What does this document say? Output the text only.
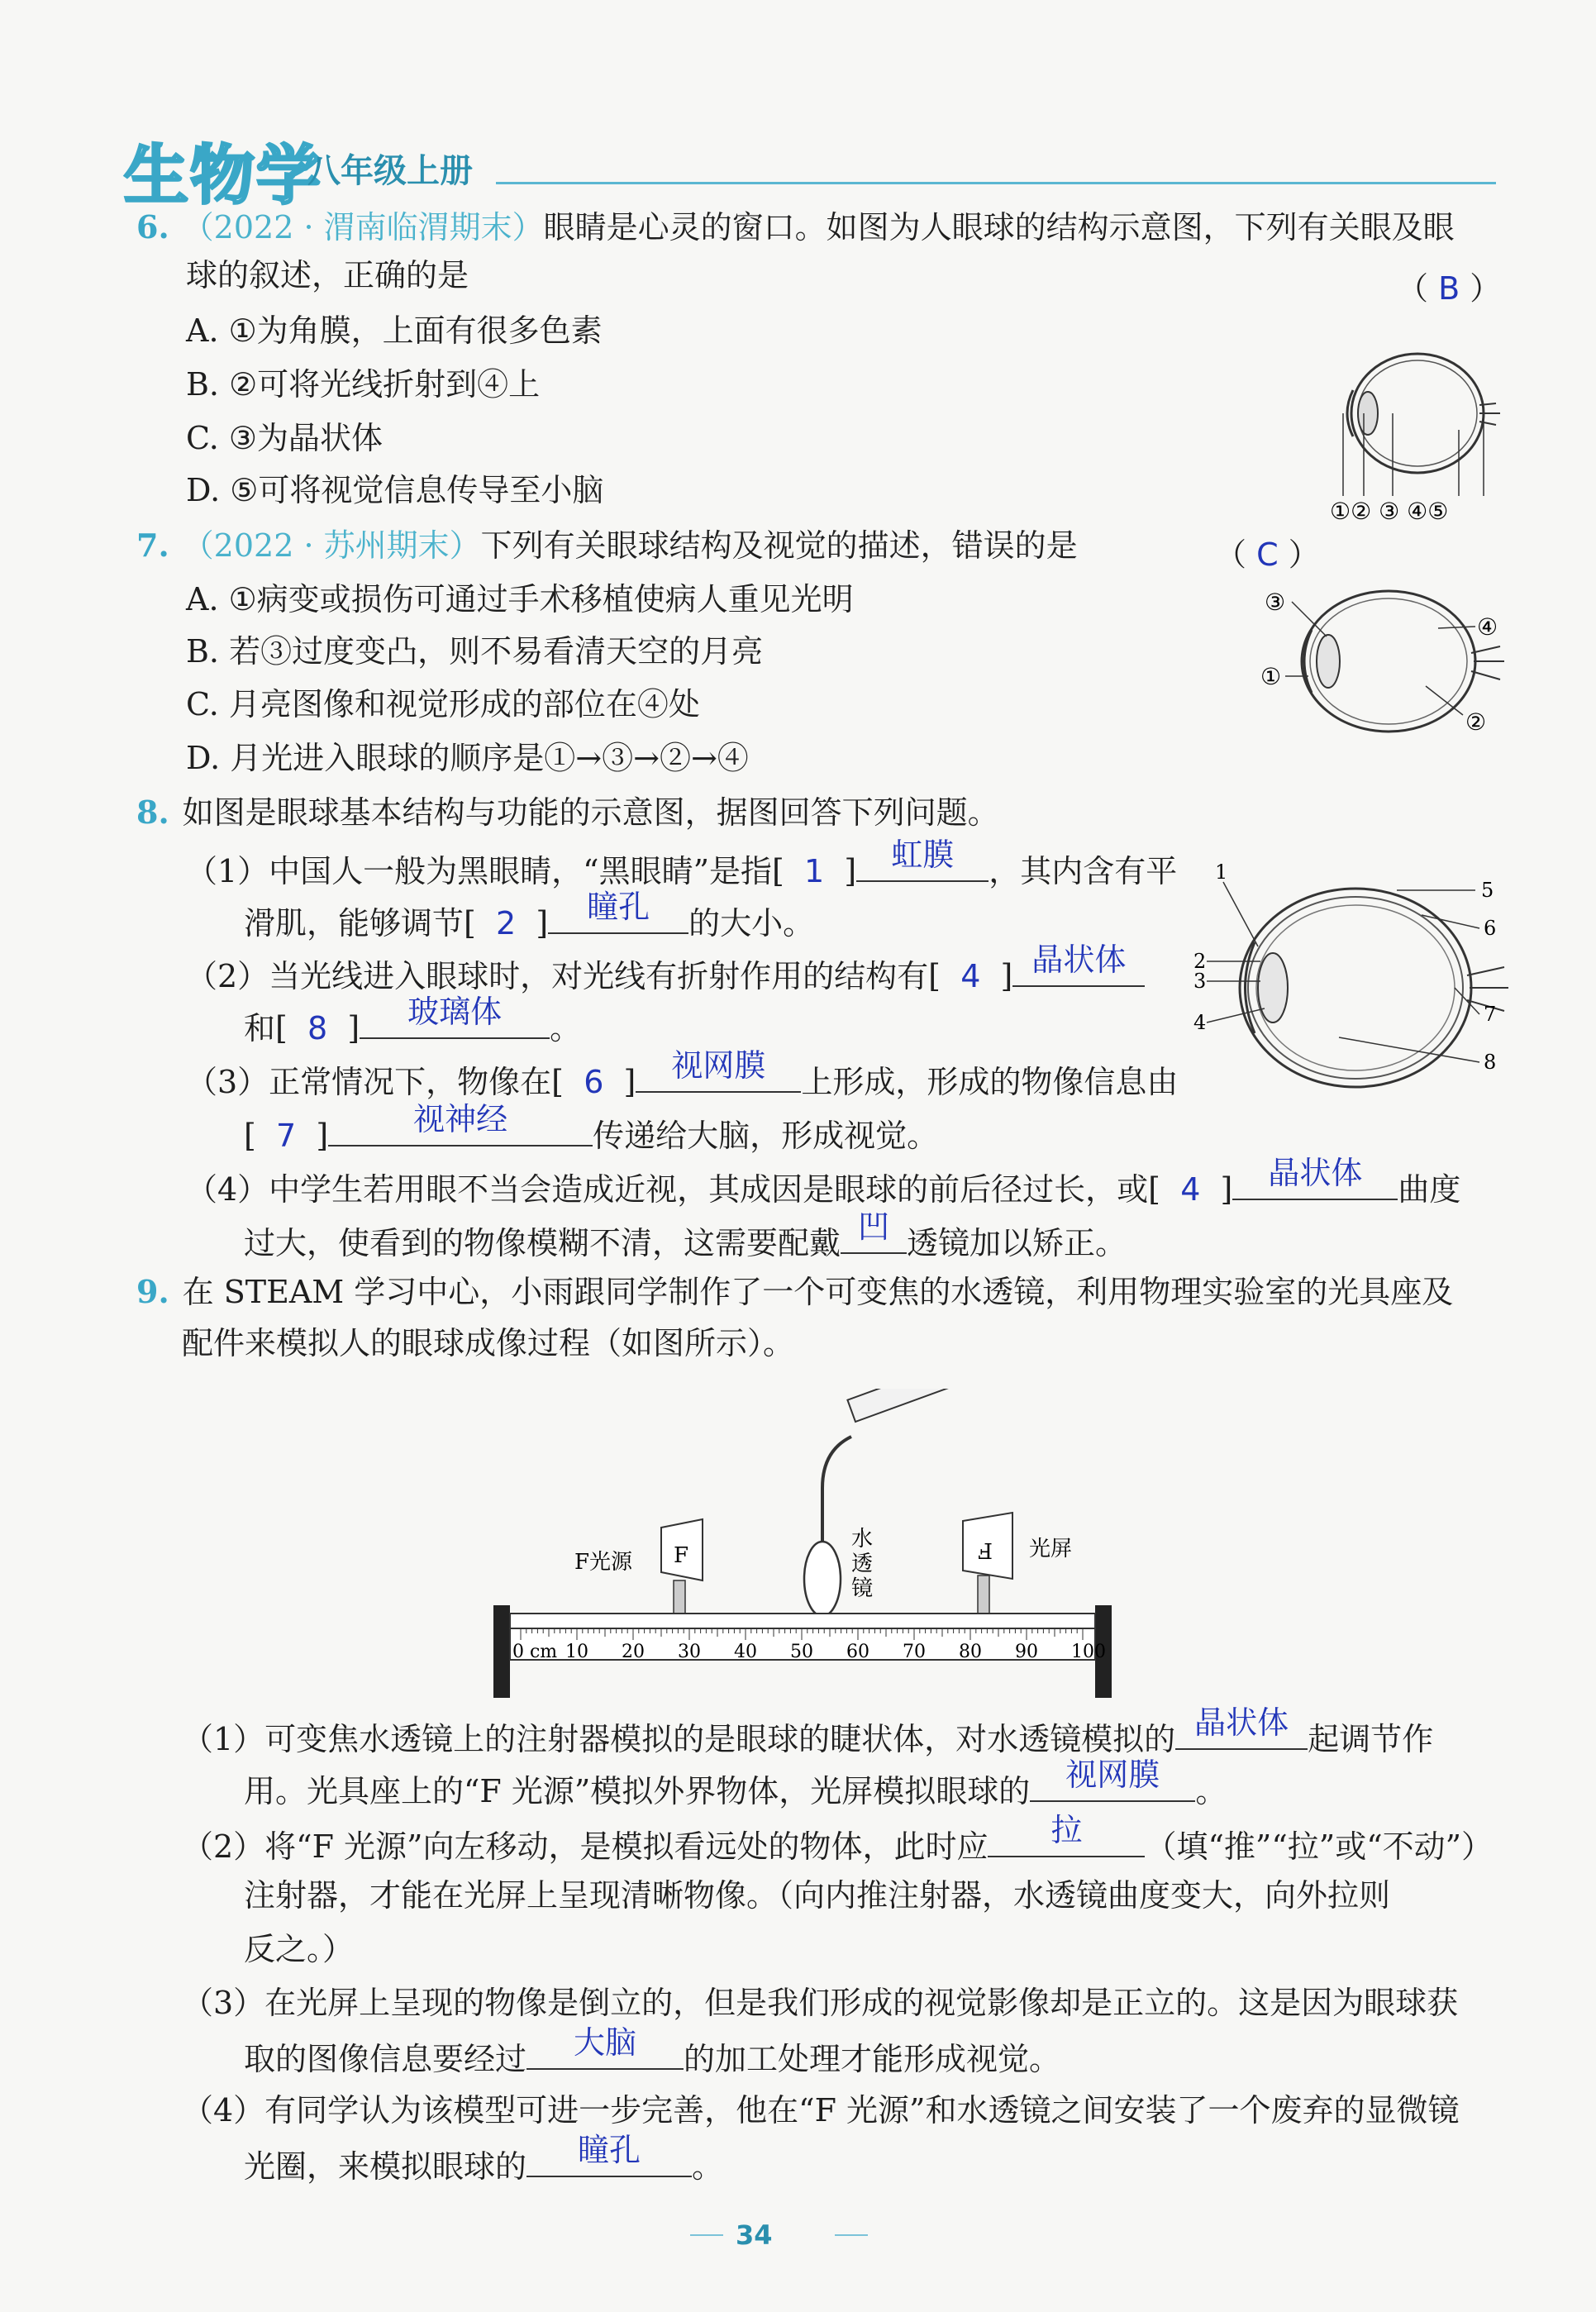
生物学
八年级上册
6. （2022 · 渭南临渭期末）眼睛是心灵的窗口。如图为人眼球的结构示意图，下列有关眼及眼
球的叙述，正确的是	（ B ）
A. ①为角膜，上面有很多色素
B. ②可将光线折射到④上
C. ③为晶状体
D. ⑤可将视觉信息传导至小脑
①② ③ ④⑤
7. （2022 · 苏州期末）下列有关眼球结构及视觉的描述，错误的是	（ C ）
A. ①病变或损伤可通过手术移植使病人重见光明
B. 若③过度变凸，则不易看清天空的月亮
C. 月亮图像和视觉形成的部位在④处
D. 月光进入眼球的顺序是①→③→②→④
③
④
①
②
8. 如图是眼球基本结构与功能的示意图，据图回答下列问题。
（1）中国人一般为黑眼睛，“黑眼睛”是指[ 1  ]	虹膜	，其内含有平
滑肌，能够调节[ 2  ]	瞳孔	的大小。
（2）当光线进入眼球时，对光线有折射作用的结构有[ 4  ] 晶状体
和[ 8  ]	玻璃体	。
（3）正常情况下，物像在[ 6  ]	视网膜	上形成，形成的物像信息由
[  7  ]	视神经	传递给大脑，形成视觉。
（4）中学生若用眼不当会造成近视，其成因是眼球的前后径过长，或[ 4  ]	晶状体	曲度
过大，使看到的物像模糊不清，这需要配戴 凹 透镜加以矫正。
1
2
3
4
5
6
7
8
9. 在 STEAM 学习中心，小雨跟同学制作了一个可变焦的水透镜，利用物理实验室的光具座及
配件来模拟人的眼球成像过程（如图所示）。
F
F光源
水
透
镜
F 光屏
0 cm 10 20 30 40 50 60 70 80 90 100
（1）可变焦水透镜上的注射器模拟的是眼球的睫状体，对水透镜模拟的 晶状体 起调节作
用。光具座上的“F 光源”模拟外界物体，光屏模拟眼球的	视网膜	。
（2）将“F 光源”向左移动，是模拟看远处的物体，此时应	拉	（填“推”“拉”或“不动”）
注射器，才能在光屏上呈现清晰物像。（向内推注射器，水透镜曲度变大，向外拉则
反之。）
（3）在光屏上呈现的物像是倒立的，但是我们形成的视觉影像却是正立的。这是因为眼球获
取的图像信息要经过	大脑	的加工处理才能形成视觉。
（4）有同学认为该模型可进一步完善，他在“F 光源”和水透镜之间安装了一个废弃的显微镜
光圈，来模拟眼球的	瞳孔	。
34
